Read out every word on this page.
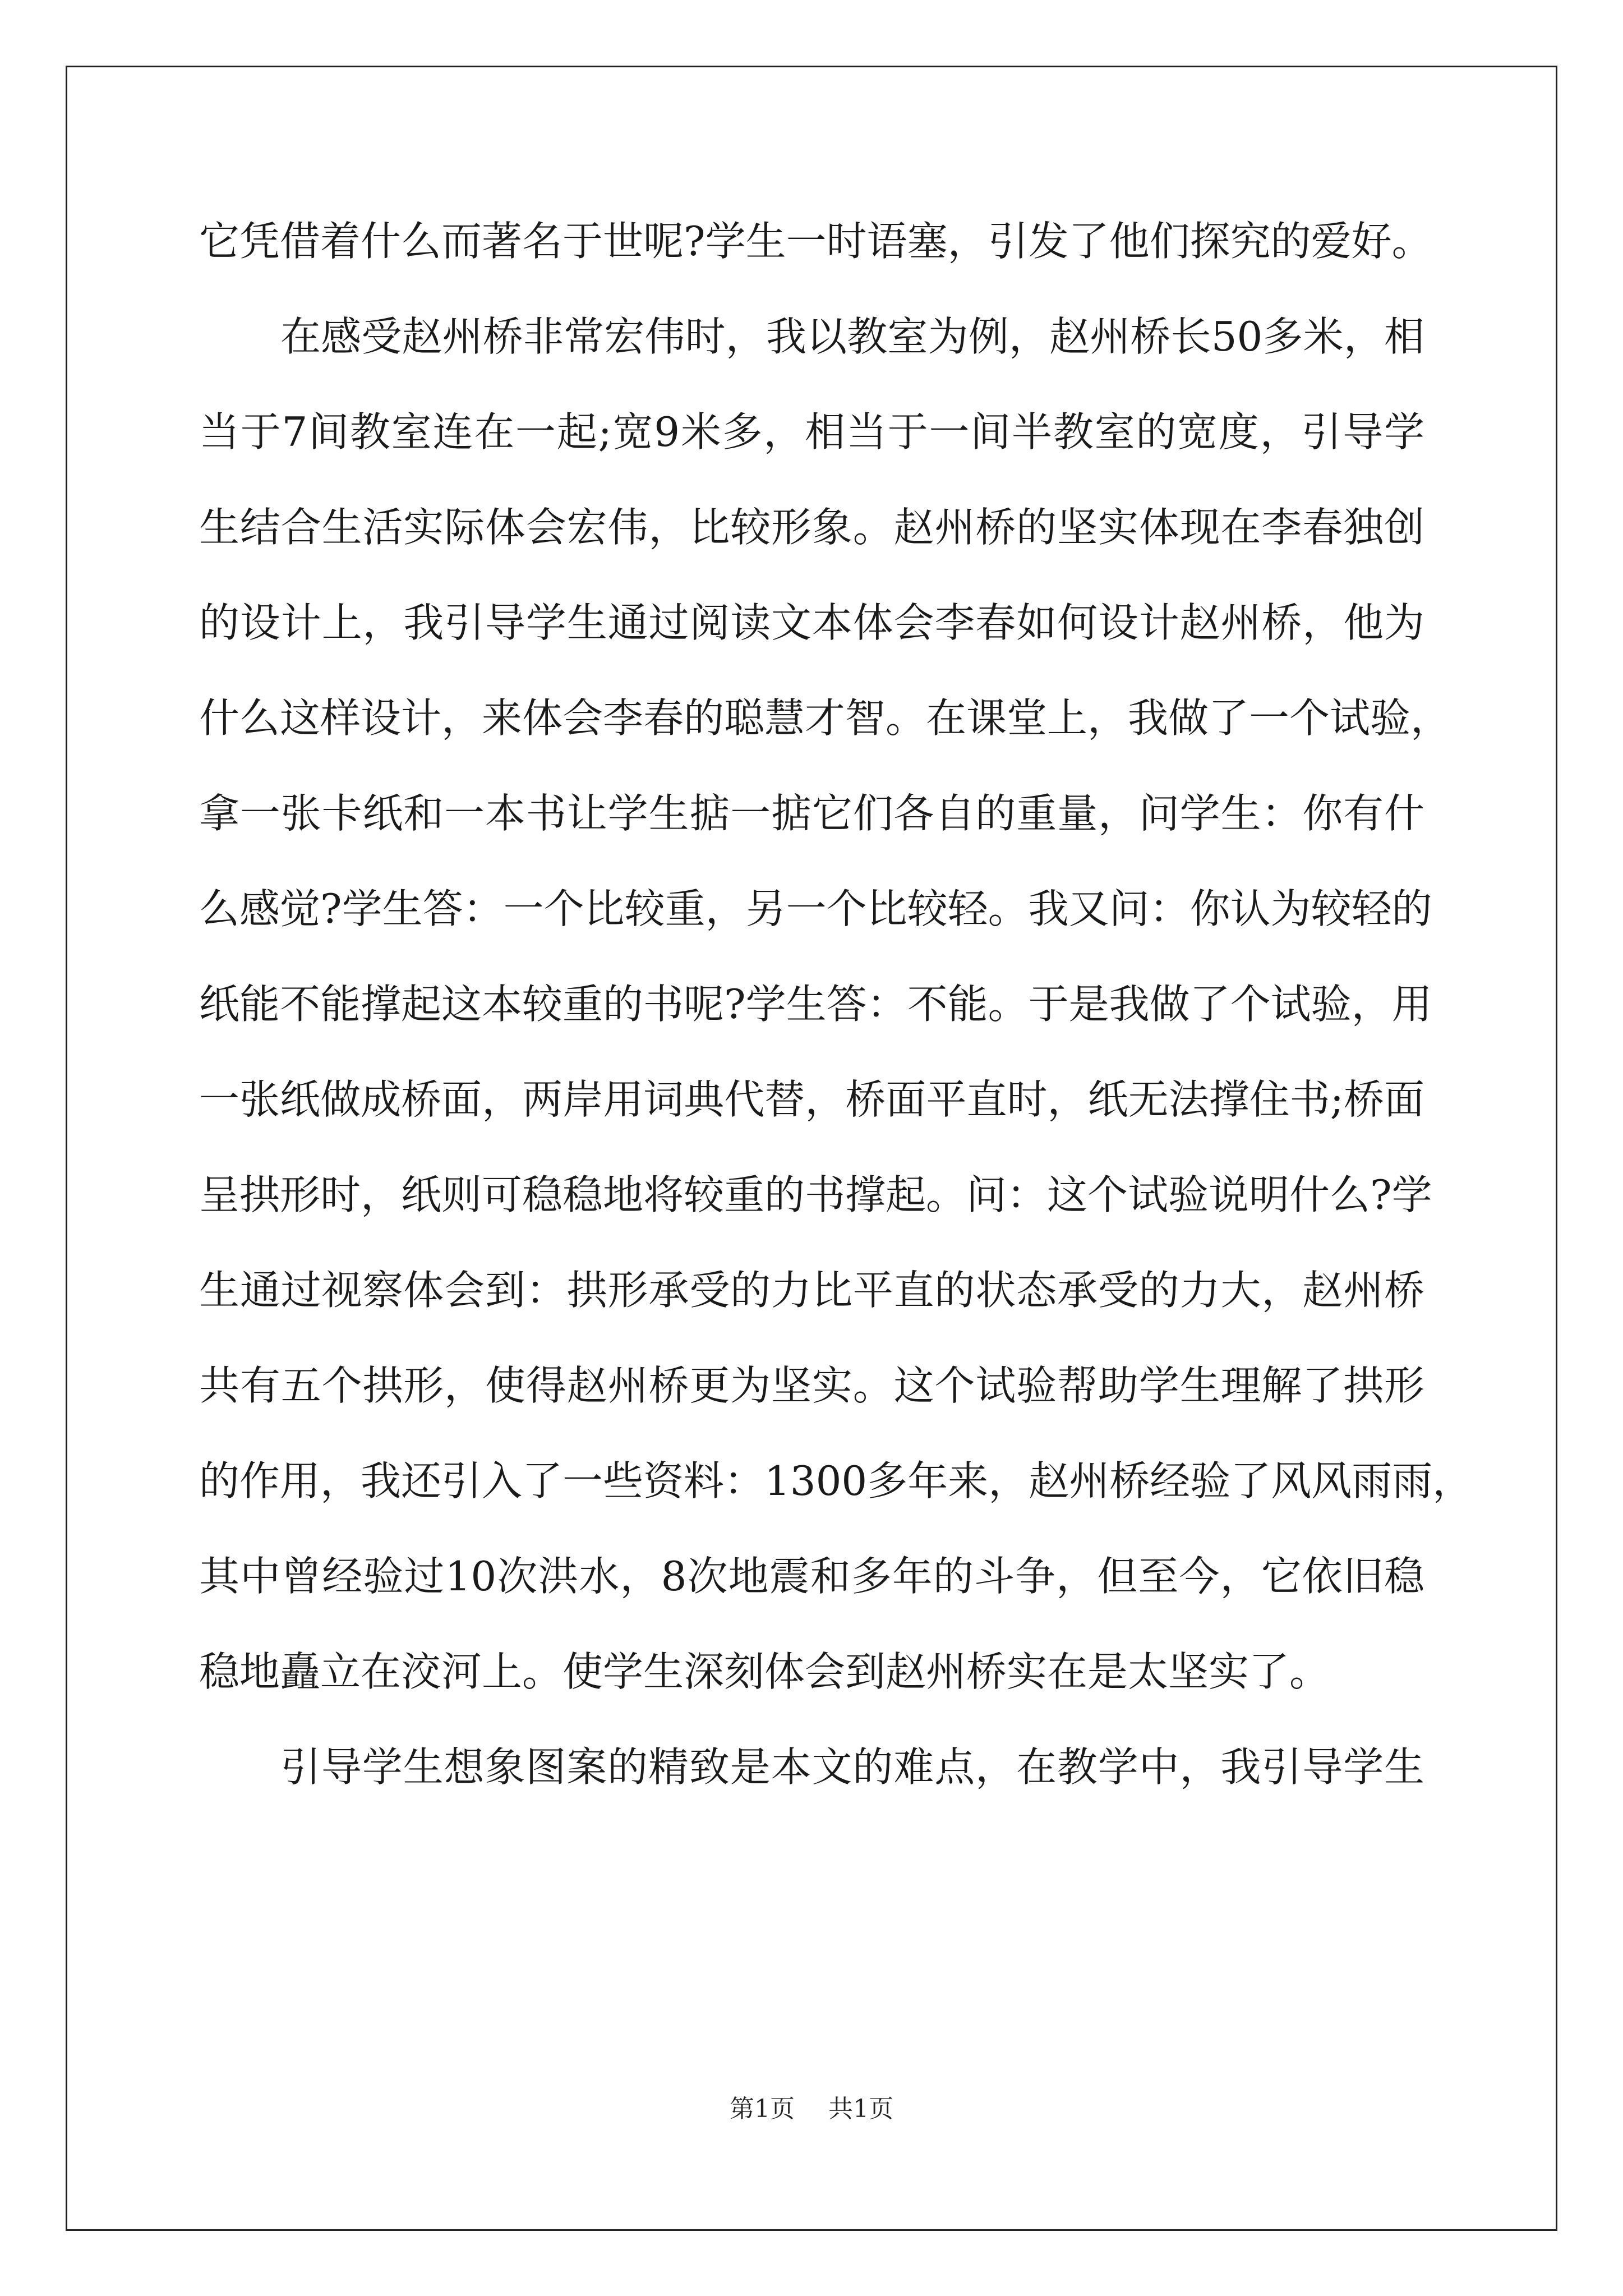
它凭借着什么而著名于世呢?学生一时语塞，引发了他们探究的爱好。
在感受赵州桥非常宏伟时，我以教室为例，赵州桥长50多米，相
当于7间教室连在一起;宽9米多，相当于一间半教室的宽度，引导学
生结合生活实际体会宏伟，比较形象。赵州桥的坚实体现在李春独创
的设计上，我引导学生通过阅读文本体会李春如何设计赵州桥，他为
什么这样设计，来体会李春的聪慧才智。在课堂上，我做了一个试验，
拿一张卡纸和一本书让学生掂一掂它们各自的重量，问学生：你有什
么感觉?学生答：一个比较重，另一个比较轻。我又问：你认为较轻的
纸能不能撑起这本较重的书呢?学生答：不能。于是我做了个试验，用
一张纸做成桥面，两岸用词典代替，桥面平直时，纸无法撑住书;桥面
呈拱形时，纸则可稳稳地将较重的书撑起。问：这个试验说明什么?学
生通过视察体会到：拱形承受的力比平直的状态承受的力大，赵州桥
共有五个拱形，使得赵州桥更为坚实。这个试验帮助学生理解了拱形
的作用，我还引入了一些资料：1300多年来，赵州桥经验了风风雨雨，
其中曾经验过10次洪水，8次地震和多年的斗争，但至今，它依旧稳
稳地矗立在洨河上。使学生深刻体会到赵州桥实在是太坚实了。
引导学生想象图案的精致是本文的难点，在教学中，我引导学生
第1页 共1页
